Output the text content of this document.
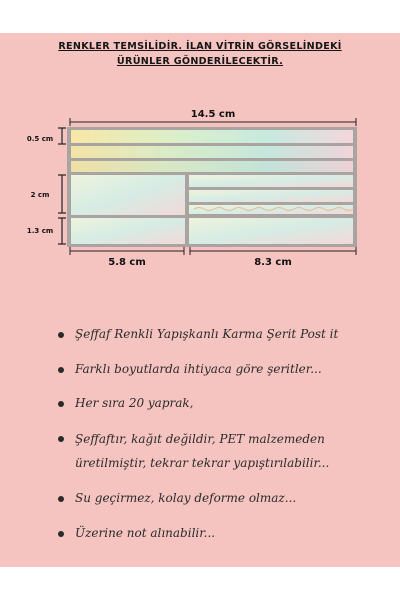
RENKLER TEMSİLİDİR. İLAN VİTRİN GÖRSELİNDEKİ ÜRÜNLER GÖNDERİLECEKTİR.
14.5 cm
0.5 cm
2 cm
1.3 cm
5.8 cm	8.3 cm
Şeffaf Renkli Yapışkanlı Karma Şerit Post it
Farklı boyutlarda ihtiyaca göre şeritler...
Her sıra 20 yaprak,
Şeffaftır, kağıt değildir, PET malzemeden üretilmiştir, tekrar tekrar yapıştırılabilir...
Su geçirmez, kolay deforme olmaz...
Üzerine not alınabilir...
